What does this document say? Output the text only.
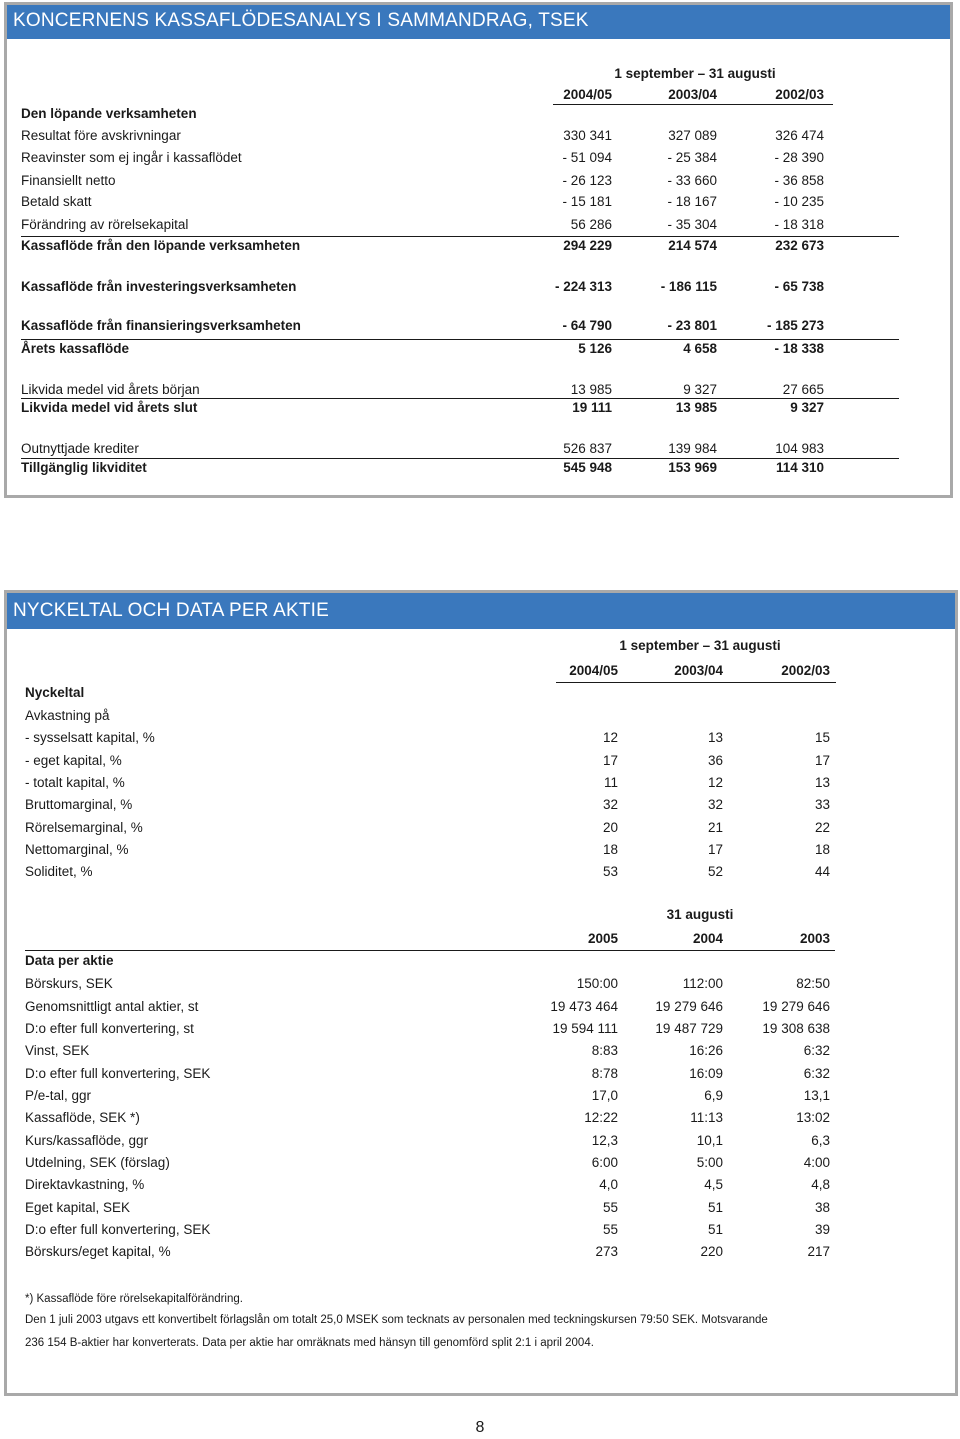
KONCERNENS KASSAFLÖDESANALYS I SAMMANDRAG, TSEK
NYCKELTAL OCH DATA PER AKTIE
1 september – 31 augusti
2004/05	2003/04	2002/03
Den löpande verksamheten
Resultat före avskrivningar	330 341	327 089	326 474
Reavinster som ej ingår i kassaflödet	- 51 094	- 25 384	- 28 390
Finansiellt netto	- 26 123	- 33 660	- 36 858
Betald skatt	- 15 181	- 18 167	- 10 235
Förändring av rörelsekapital	56 286	- 35 304	- 18 318
Kassaflöde från den löpande verksamheten	294 229	214 574	232 673
Kassaflöde från investeringsverksamheten	- 224 313	- 186 115	- 65 738
Kassaflöde från finansieringsverksamheten	- 64 790	- 23 801	- 185 273
Årets kassaflöde	5 126	4 658	- 18 338
Likvida medel vid årets början	13 985	9 327	27 665
Likvida medel vid årets slut	19 111	13 985	9 327
Outnyttjade krediter	526 837	139 984	104 983
Tillgänglig likviditet	545 948	153 969	114 310
1 september – 31 augusti
2004/05	2003/04	2002/03
Nyckeltal
Avkastning på
- sysselsatt kapital, %	12	13	15
- eget kapital, %	17	36	17
- totalt kapital, %	11	12	13
Bruttomarginal, %	32	32	33
Rörelsemarginal, %	20	21	22
Nettomarginal, %	18	17	18
Soliditet, %	53	52	44
31 augusti
2005	2004	2003
Data per aktie
Börskurs, SEK	150:00	112:00	82:50
Genomsnittligt antal aktier, st	19 473 464	19 279 646	19 279 646
D:o efter full konvertering, st	19 594 111	19 487 729	19 308 638
Vinst, SEK	8:83	16:26	6:32
D:o efter full konvertering, SEK	8:78	16:09	6:32
P/e-tal, ggr	17,0	6,9	13,1
Kassaflöde, SEK *)	12:22	11:13	13:02
Kurs/kassaflöde, ggr	12,3	10,1	6,3
Utdelning, SEK (förslag)	6:00	5:00	4:00
Direktavkastning, %	4,0	4,5	4,8
Eget kapital, SEK	55	51	38
D:o efter full konvertering, SEK	55	51	39
Börskurs/eget kapital, %	273	220	217
*) Kassaflöde före rörelsekapitalförändring.
Den 1 juli 2003 utgavs ett konvertibelt förlagslån om totalt 25,0 MSEK som tecknats av personalen med teckningskursen 79:50 SEK. Motsvarande
236 154 B-aktier har konverterats. Data per aktie har omräknats med hänsyn till genomförd split 2:1 i april 2004.
8
